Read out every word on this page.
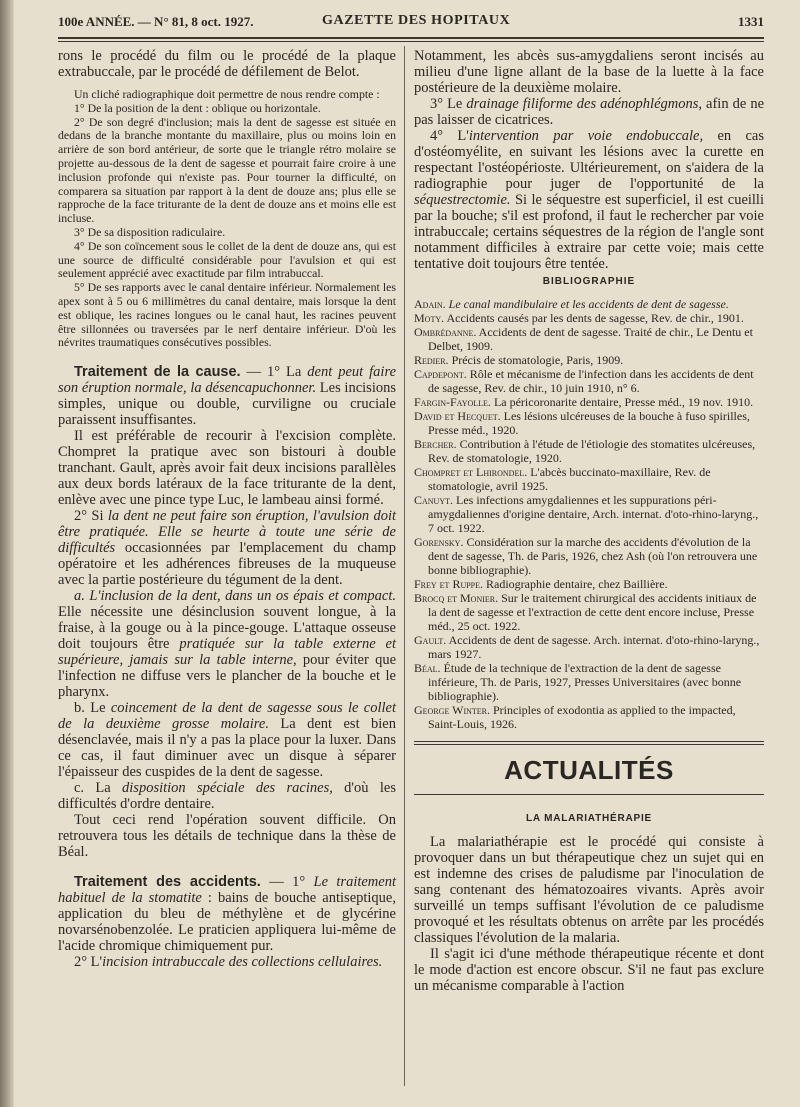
100e ANNÉE. — N° 81, 8 oct. 1927.	GAZETTE DES HOPITAUX	1331

rons le procédé du film ou le procédé de la plaque extrabuccale, par le procédé de défilement de Belot.

Un cliché radiographique doit permettre de nous rendre compte :

1° De la position de la dent : oblique ou horizontale.

2° De son degré d'inclusion; mais la dent de sagesse est située en dedans de la branche montante du maxillaire, plus ou moins loin en arrière de son bord antérieur, de sorte que le triangle rétro molaire se projette au-dessous de la dent de sagesse et pourrait faire croire à une inclusion profonde qui n'existe pas. Pour tourner la difficulté, on comparera sa situation par rapport à la dent de douze ans; plus elle se rapproche de la face triturante de la dent de douze ans et moins elle est incluse.

3° De sa disposition radiculaire.

4° De son coïncement sous le collet de la dent de douze ans, qui est une source de difficulté considérable pour l'avulsion et qui est seulement apprécié avec exactitude par film intrabuccal.

5° De ses rapports avec le canal dentaire inférieur. Normalement les apex sont à 5 ou 6 millimètres du canal dentaire, mais lorsque la dent est oblique, les racines longues ou le canal haut, les racines peuvent être sillonnées ou traversées par le nerf dentaire inférieur. D'où les névrites traumatiques consécutives possibles.

Traitement de la cause. — 1° La dent peut faire son éruption normale, la désencapuchonner. Les incisions simples, unique ou double, curviligne ou cruciale paraissent insuffisantes.

Il est préférable de recourir à l'excision complète. Chompret la pratique avec son bistouri à double tranchant. Gault, après avoir fait deux incisions parallèles aux deux bords latéraux de la face triturante de la dent, enlève avec une pince type Luc, le lambeau ainsi formé.

2° Si la dent ne peut faire son éruption, l'avulsion doit être pratiquée. Elle se heurte à toute une série de difficultés occasionnées par l'emplacement du champ opératoire et les adhérences fibreuses de la muqueuse avec la partie postérieure du tégument de la dent.

a. L'inclusion de la dent, dans un os épais et compact. Elle nécessite une désinclusion souvent longue, à la fraise, à la gouge ou à la pince-gouge. L'attaque osseuse doit toujours être pratiquée sur la table externe et supérieure, jamais sur la table interne, pour éviter que l'infection ne diffuse vers le plancher de la bouche et le pharynx.

b. Le coincement de la dent de sagesse sous le collet de la deuxième grosse molaire. La dent est bien désenclavée, mais il n'y a pas la place pour la luxer. Dans ce cas, il faut diminuer avec un disque à séparer l'épaisseur des cuspides de la dent de sagesse.

c. La disposition spéciale des racines, d'où les difficultés d'ordre dentaire.

Tout ceci rend l'opération souvent difficile. On retrouvera tous les détails de technique dans la thèse de Béal.

Traitement des accidents. — 1° Le traitement habituel de la stomatite : bains de bouche antiseptique, application du bleu de méthylène et de glycérine novarsénobenzolée. Le praticien appliquera lui-même de l'acide chromique chimiquement pur.

2° L'incision intrabuccale des collections cellulaires.

Notamment, les abcès sus-amygdaliens seront incisés au milieu d'une ligne allant de la base de la luette à la face postérieure de la deuxième molaire.

3° Le drainage filiforme des adénophlégmons, afin de ne pas laisser de cicatrices.

4° L'intervention par voie endobuccale, en cas d'ostéomyélite, en suivant les lésions avec la curette en respectant l'ostéopérioste. Ultérieurement, on s'aidera de la radiographie pour juger de l'opportunité de la séquestrectomie. Si le séquestre est superficiel, il est cueilli par la bouche; s'il est profond, il faut le rechercher par voie intrabuccale; certains séquestres de la région de l'angle sont notamment difficiles à extraire par cette voie; mais cette tentative doit toujours être tentée.

BIBLIOGRAPHIE

Adain. Le canal mandibulaire et les accidents de dent de sagesse.

Moty. Accidents causés par les dents de sagesse, Rev. de chir., 1901.

Ombrédanne. Accidents de dent de sagesse. Traité de chir., Le Dentu et Delbet, 1909.

Redier. Précis de stomatologie, Paris, 1909.

Capdepont. Rôle et mécanisme de l'infection dans les accidents de dent de sagesse, Rev. de chir., 10 juin 1910, n° 6.

Fargin-Fayolle. La péricoronarite dentaire, Presse méd., 19 nov. 1910.

David et Hecquet. Les lésions ulcéreuses de la bouche à fuso spirilles, Presse méd., 1920.

Bercher. Contribution à l'étude de l'étiologie des stomatites ulcéreuses, Rev. de stomatologie, 1920.

Chompret et Lhirondel. L'abcès buccinato-maxillaire, Rev. de stomatologie, avril 1925.

Canuyt. Les infections amygdaliennes et les suppurations péri-amygdaliennes d'origine dentaire, Arch. internat. d'oto-rhino-laryng., 7 oct. 1922.

Gorensky. Considération sur la marche des accidents d'évolution de la dent de sagesse, Th. de Paris, 1926, chez Ash (où l'on retrouvera une bonne bibliographie).

Frey et Ruppe. Radiographie dentaire, chez Baillière.

Brocq et Monier. Sur le traitement chirurgical des accidents initiaux de la dent de sagesse et l'extraction de cette dent encore incluse, Presse méd., 25 oct. 1922.

Gault. Accidents de dent de sagesse. Arch. internat. d'oto-rhino-laryng., mars 1927.

Béal. Étude de la technique de l'extraction de la dent de sagesse inférieure, Th. de Paris, 1927, Presses Universitaires (avec bonne bibliographie).

George Winter. Principles of exodontia as applied to the impacted, Saint-Louis, 1926.

ACTUALITÉS
LA MALARIATHÉRAPIE

La malariathérapie est le procédé qui consiste à provoquer dans un but thérapeutique chez un sujet qui en est indemne des crises de paludisme par l'inoculation de sang contenant des hématozoaires vivants. Après avoir surveillé un temps suffisant l'évolution de ce paludisme provoqué et les résultats obtenus on arrête par les procédés classiques l'évolution de la malaria.

Il s'agit ici d'une méthode thérapeutique récente et dont le mode d'action est encore obscur. S'il ne faut pas exclure un mécanisme comparable à l'action
